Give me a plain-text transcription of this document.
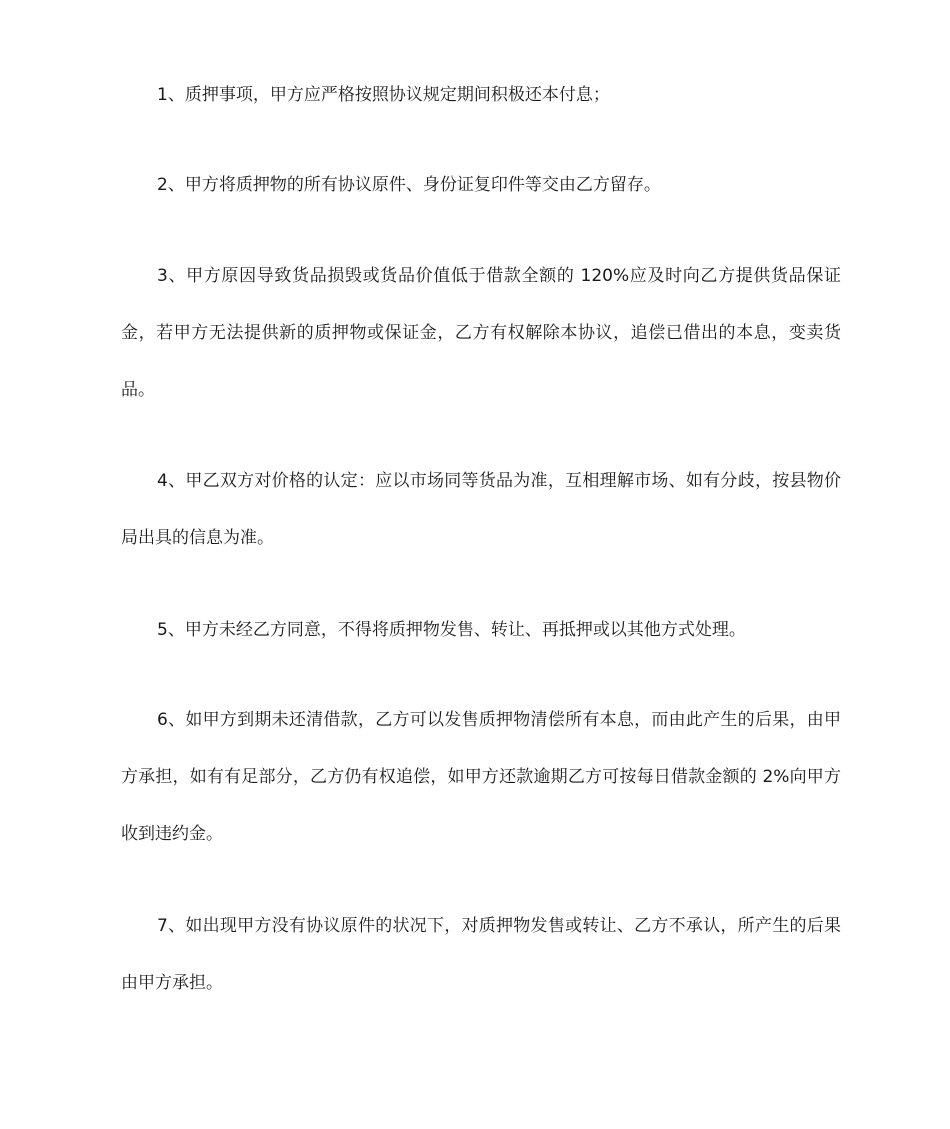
1、质押事项，甲方应严格按照协议规定期间积极还本付息；

2、甲方将质押物的所有协议原件、身份证复印件等交由乙方留存。

3、甲方原因导致货品损毁或货品价值低于借款全额的 120%应及时向乙方提供货品保证金，若甲方无法提供新的质押物或保证金，乙方有权解除本协议，追偿已借出的本息，变卖货品。

4、甲乙双方对价格的认定：应以市场同等货品为准，互相理解市场、如有分歧，按县物价局出具的信息为准。

5、甲方未经乙方同意，不得将质押物发售、转让、再抵押或以其他方式处理。

6、如甲方到期未还清借款，乙方可以发售质押物清偿所有本息，而由此产生的后果，由甲方承担，如有有足部分，乙方仍有权追偿，如甲方还款逾期乙方可按每日借款金额的 2%向甲方收到违约金。

7、如出现甲方没有协议原件的状况下，对质押物发售或转让、乙方不承认，所产生的后果由甲方承担。
